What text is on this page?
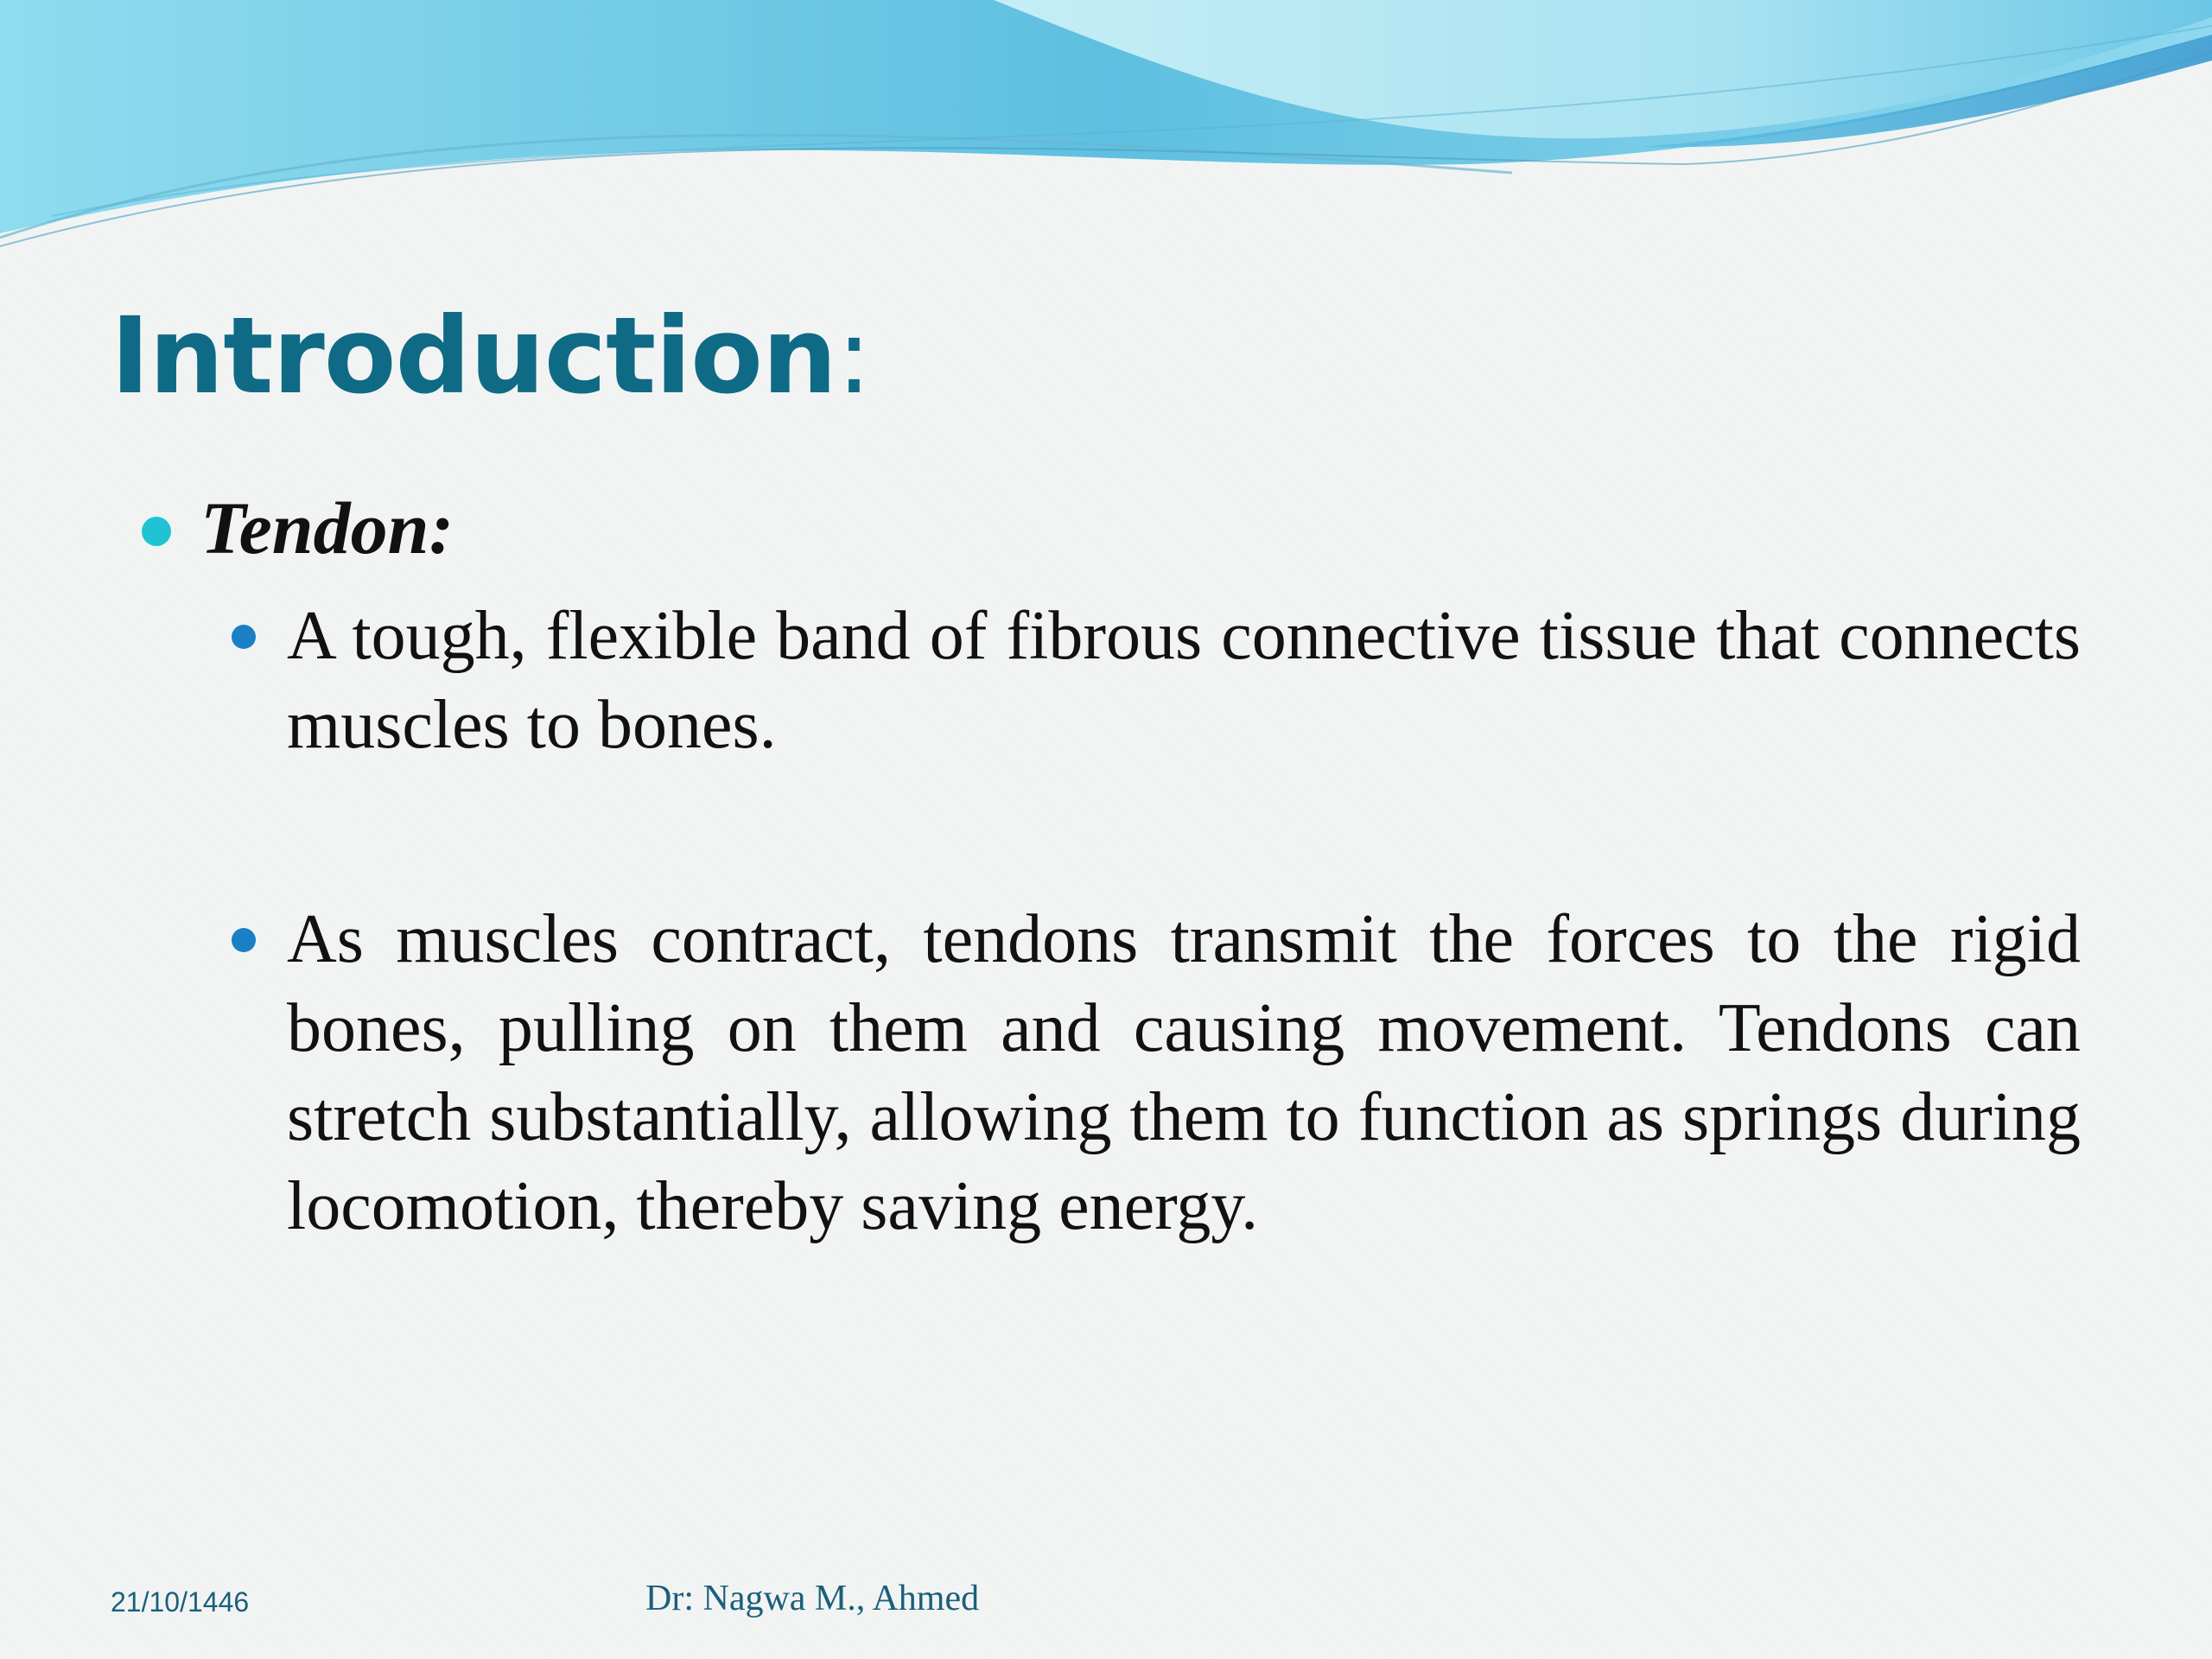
Introduction:
Tendon:
A tough, flexible band of fibrous connective tissue that connects muscles to bones.
As muscles contract, tendons transmit the forces to the rigid bones, pulling on them and causing movement. Tendons can stretch substantially, allowing them to function as springs during locomotion, thereby saving energy.
21/10/1446	Dr: Nagwa M., Ahmed
